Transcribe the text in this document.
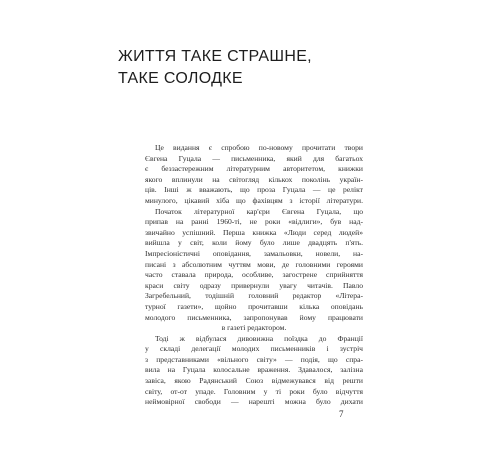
ЖИТТЯ ТАКЕ СТРАШНЕ,
ТАКЕ СОЛОДКЕ

Це видання є спробою по-новому прочитати твори
Євгена Гуцала — письменника, який для багатьох
є беззастережним літературним авторитетом, книжки
якого вплинули на світогляд кількох поколінь україн-
ців. Інші ж вважають, що проза Гуцала — це релікт
минулого, цікавий хіба що фахівцям з історії літератури.

Початок літературної кар'єри Євгена Гуцала, що
припав на ранні 1960-ті, не роки «відлиги», був над-
звичайно успішний. Перша книжка «Люди серед людей»
вийшла у світ, коли йому було лише двадцять п'ять.
Імпресіоністичні оповідання, замальовки, новели, на-
писані з абсолютним чуттям мови, де головними героями
часто ставала природа, особливе, загострене сприйняття
краси світу одразу привернули увагу читачів. Павло
Загребельний, тодішній головний редактор «Літера-
турної газети», щойно прочитавши кілька оповідань
молодого письменника, запропонував йому працювати
в газеті редактором.

Тоді ж відбулася дивовижна поїздка до Франції
у складі делегації молодих письменників і зустріч
з представниками «вільного світу» — подія, що спра-
вила на Гуцала колосальне враження. Здавалося, залізна
завіса, якою Радянський Союз відмежувався від решти
світу, от-от упаде. Головним у ті роки було відчуття
неймовірної свободи — нарешті можна було дихати

7
